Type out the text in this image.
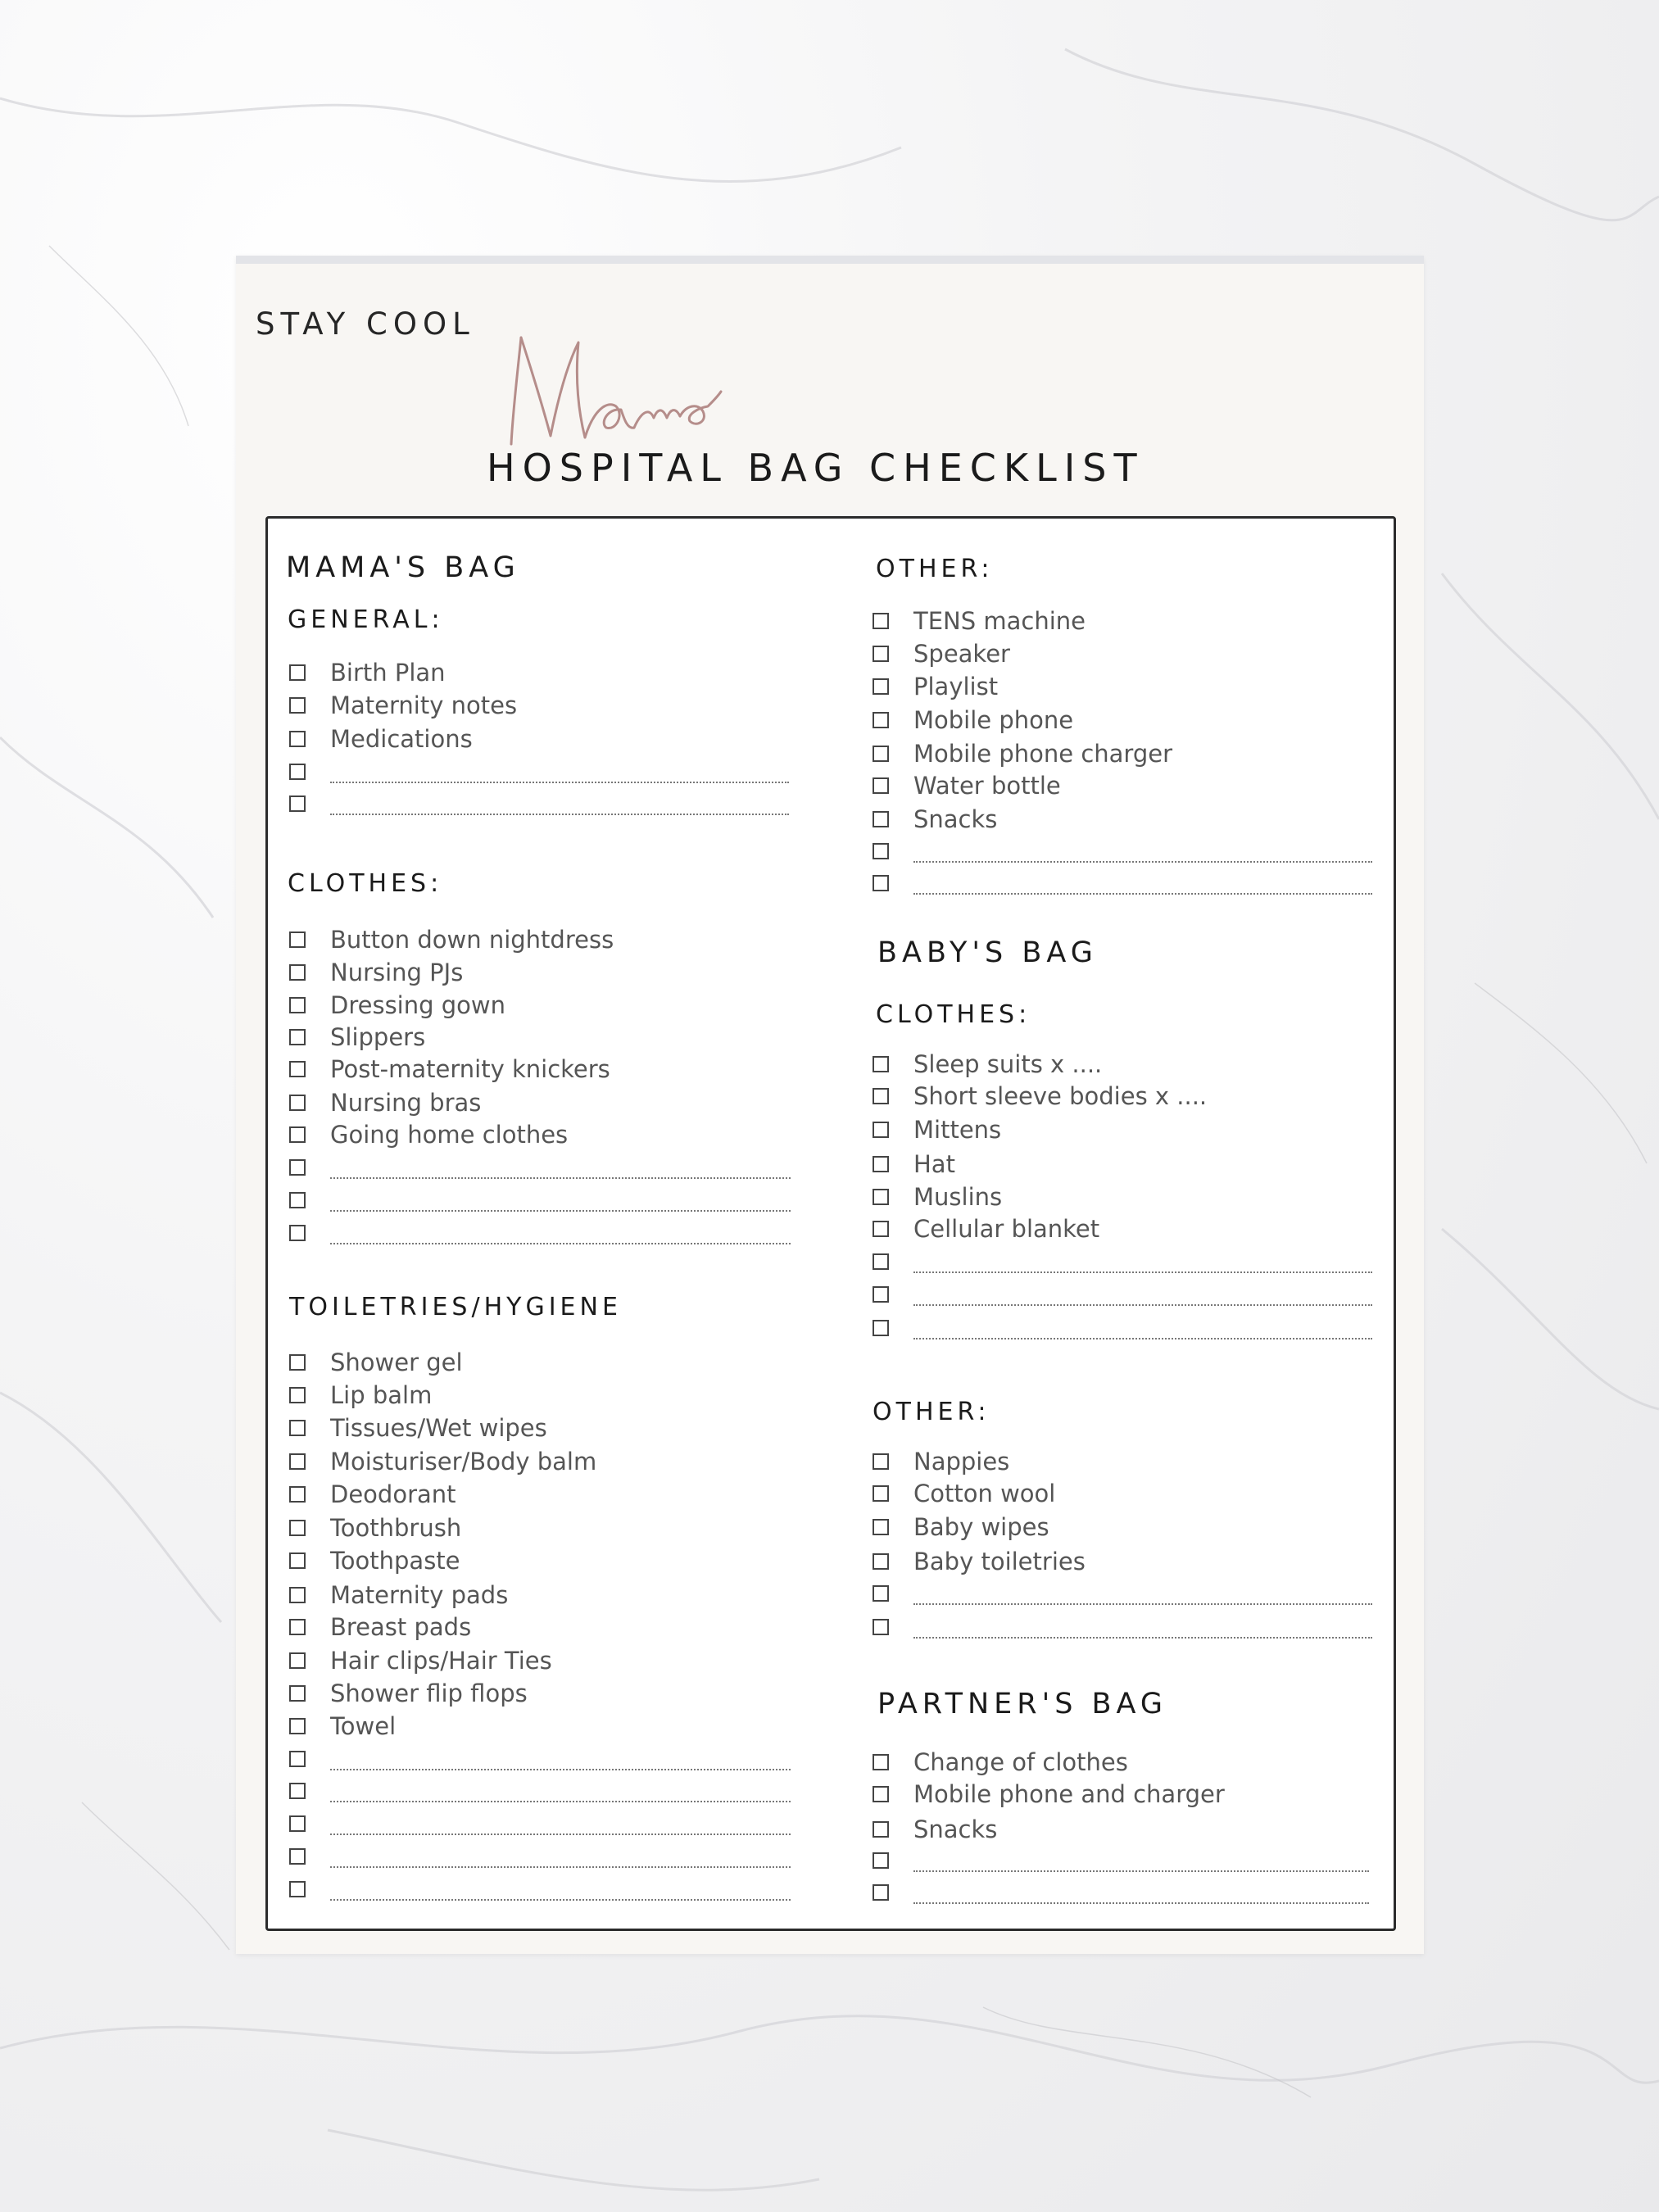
STAY COOL
HOSPITAL BAG CHECKLIST
MAMA'S BAG
GENERAL:
Birth Plan
Maternity notes
Medications
CLOTHES:
Button down nightdress
Nursing PJs
Dressing gown
Slippers
Post-maternity knickers
Nursing bras
Going home clothes
TOILETRIES/HYGIENE
Shower gel
Lip balm
Tissues/Wet wipes
Moisturiser/Body balm
Deodorant
Toothbrush
Toothpaste
Maternity pads
Breast pads
Hair clips/Hair Ties
Shower flip flops
Towel
OTHER:
TENS machine
Speaker
Playlist
Mobile phone
Mobile phone charger
Water bottle
Snacks
BABY'S BAG
CLOTHES:
Sleep suits x ....
Short sleeve bodies x ....
Mittens
Hat
Muslins
Cellular blanket
OTHER:
Nappies
Cotton wool
Baby wipes
Baby toiletries
PARTNER'S BAG
Change of clothes
Mobile phone and charger
Snacks
